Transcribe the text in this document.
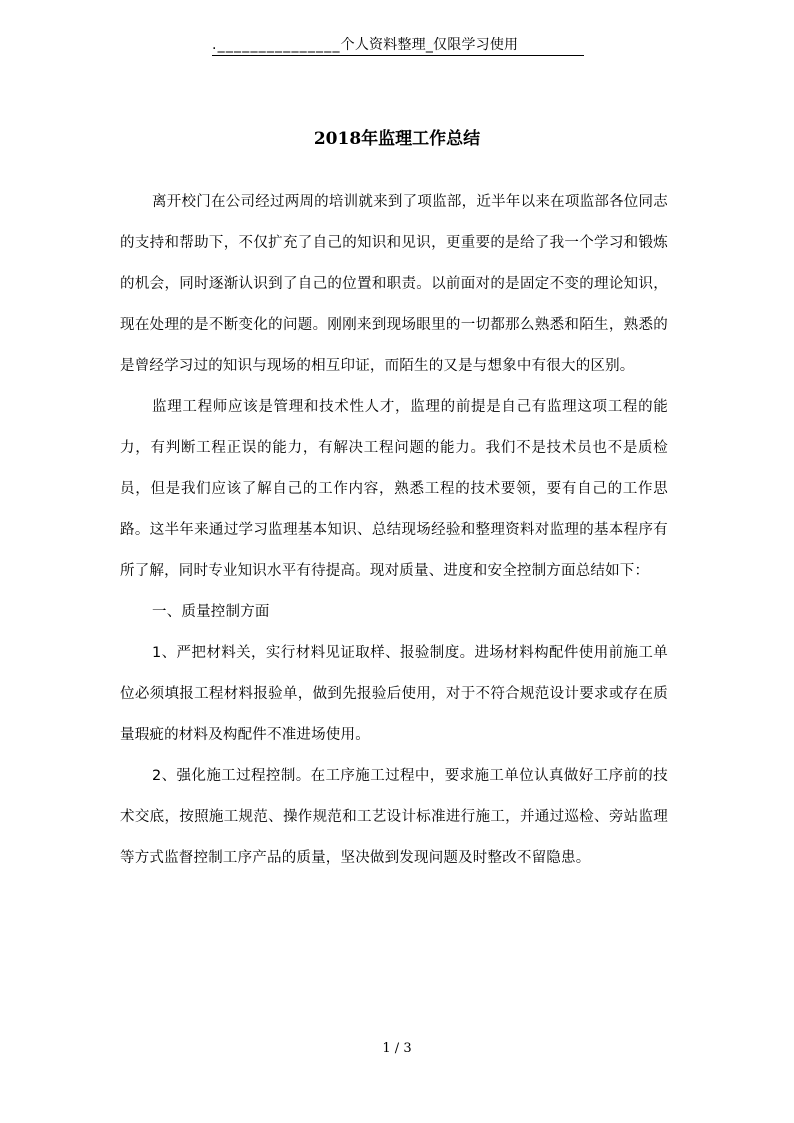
._______________个人资料整理_仅限学习使用
2018年监理工作总结

离开校门在公司经过两周的培训就来到了项监部，近半年以来在项监部各位同志的支持和帮助下，不仅扩充了自己的知识和见识，更重要的是给了我一个学习和锻炼的机会，同时逐渐认识到了自己的位置和职责。以前面对的是固定不变的理论知识，现在处理的是不断变化的问题。刚刚来到现场眼里的一切都那么熟悉和陌生，熟悉的是曾经学习过的知识与现场的相互印证，而陌生的又是与想象中有很大的区别。

监理工程师应该是管理和技术性人才，监理的前提是自己有监理这项工程的能力，有判断工程正误的能力，有解决工程问题的能力。我们不是技术员也不是质检员，但是我们应该了解自己的工作内容，熟悉工程的技术要领，要有自己的工作思路。这半年来通过学习监理基本知识、总结现场经验和整理资料对监理的基本程序有所了解，同时专业知识水平有待提高。现对质量、进度和安全控制方面总结如下：

一、质量控制方面

1、严把材料关，实行材料见证取样、报验制度。进场材料构配件使用前施工单位必须填报工程材料报验单，做到先报验后使用，对于不符合规范设计要求或存在质量瑕疵的材料及构配件不准进场使用。

2、强化施工过程控制。在工序施工过程中，要求施工单位认真做好工序前的技术交底，按照施工规范、操作规范和工艺设计标准进行施工，并通过巡检、旁站监理等方式监督控制工序产品的质量，坚决做到发现问题及时整改不留隐患。

1 / 3
